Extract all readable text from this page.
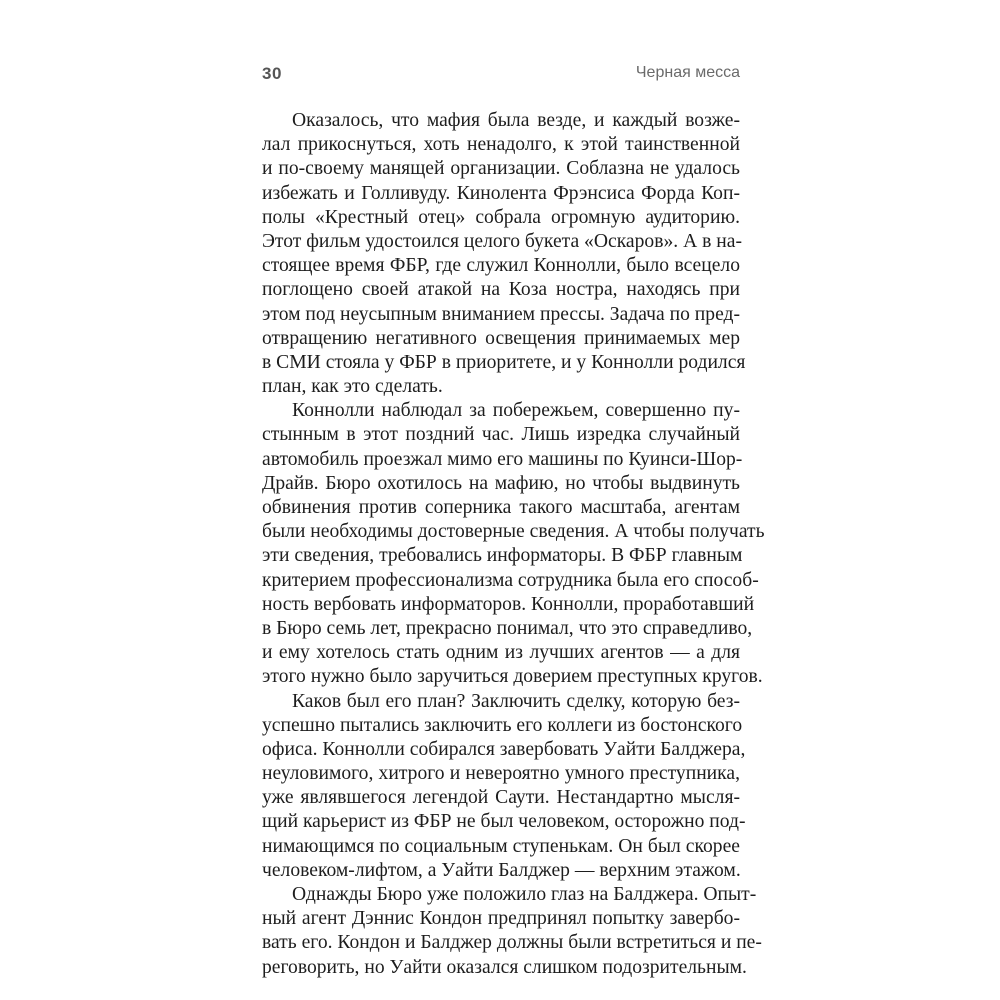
30	Черная месса
Оказалось, что мафия была везде, и каждый возже-
лал прикоснуться, хоть ненадолго, к этой таинственной
и по-своему манящей организации. Соблазна не удалось
избежать и Голливуду. Кинолента Фрэнсиса Форда Коп-
полы «Крестный отец» собрала огромную аудиторию.
Этот фильм удостоился целого букета «Оскаров». А в на-
стоящее время ФБР, где служил Коннолли, было всецело
поглощено своей атакой на Коза ностра, находясь при
этом под неусыпным вниманием прессы. Задача по пред-
отвращению негативного освещения принимаемых мер
в СМИ стояла у ФБР в приоритете, и у Коннолли родился
план, как это сделать.
Коннолли наблюдал за побережьем, совершенно пу-
стынным в этот поздний час. Лишь изредка случайный
автомобиль проезжал мимо его машины по Куинси-Шор-
Драйв. Бюро охотилось на мафию, но чтобы выдвинуть
обвинения против соперника такого масштаба, агентам
были необходимы достоверные сведения. А чтобы получать
эти сведения, требовались информаторы. В ФБР главным
критерием профессионализма сотрудника была его способ-
ность вербовать информаторов. Коннолли, проработавший
в Бюро семь лет, прекрасно понимал, что это справедливо,
и ему хотелось стать одним из лучших агентов — а для
этого нужно было заручиться доверием преступных кругов.
Каков был его план? Заключить сделку, которую без-
успешно пытались заключить его коллеги из бостонского
офиса. Коннолли собирался завербовать Уайти Балджера,
неуловимого, хитрого и невероятно умного преступника,
уже являвшегося легендой Саути. Нестандартно мысля-
щий карьерист из ФБР не был человеком, осторожно под-
нимающимся по социальным ступенькам. Он был скорее
человеком-лифтом, а Уайти Балджер — верхним этажом.
Однажды Бюро уже положило глаз на Балджера. Опыт-
ный агент Дэннис Кондон предпринял попытку завербо-
вать его. Кондон и Балджер должны были встретиться и пе-
реговорить, но Уайти оказался слишком подозрительным.
